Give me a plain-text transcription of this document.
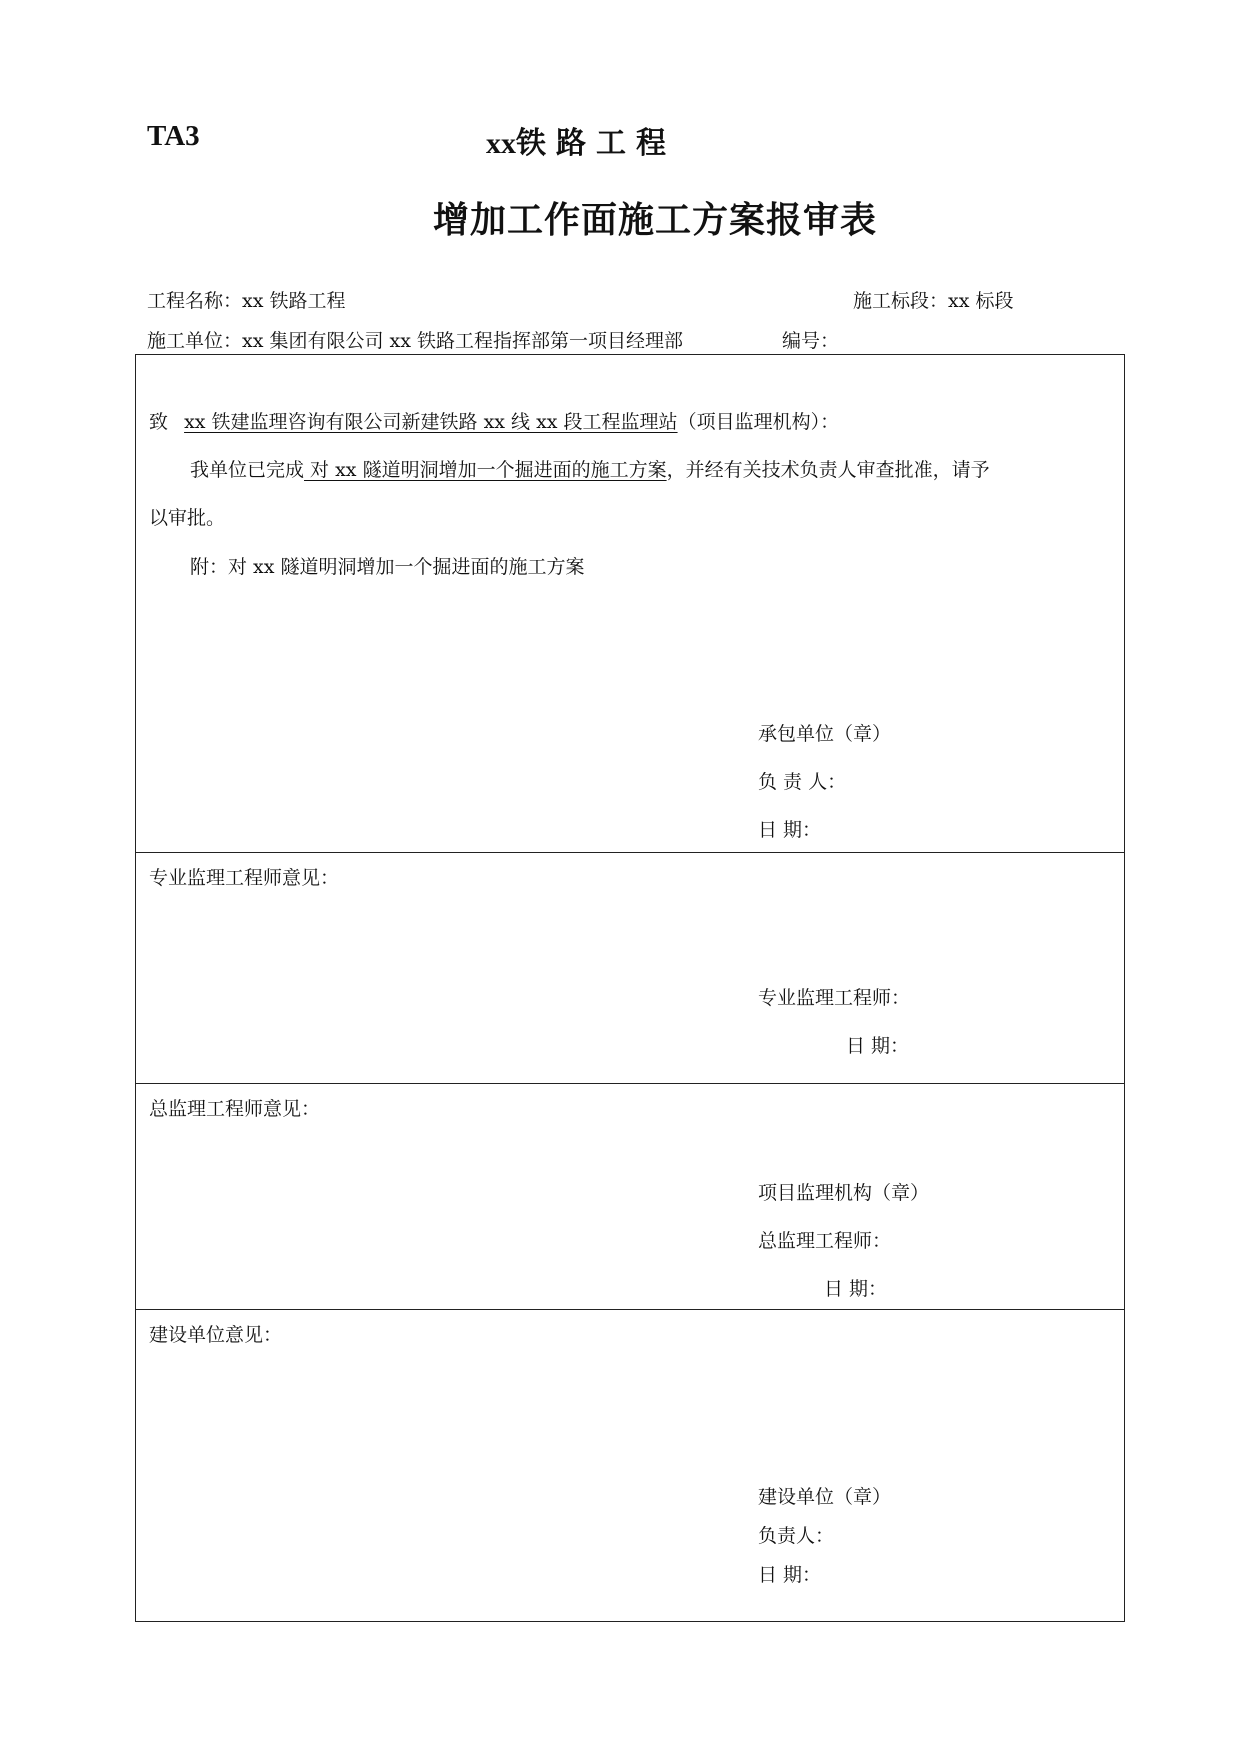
TA3	xx铁路工程
增加工作面施工方案报审表
工程名称：xx 铁路工程	施工标段：xx 标段
施工单位：xx 集团有限公司 xx 铁路工程指挥部第一项目经理部	编号：
致 xx 铁建监理咨询有限公司新建铁路 xx 线 xx 段工程监理站（项目监理机构）：
我单位已完成 对 xx 隧道明洞增加一个掘进面的施工方案，并经有关技术负责人审查批准，请予
以审批。
附：对 xx 隧道明洞增加一个掘进面的施工方案
承包单位（章）
负 责 人：
日 期：
专业监理工程师意见：
专业监理工程师：
日 期：
总监理工程师意见：
项目监理机构（章）
总监理工程师：
日 期：
建设单位意见：
建设单位（章）
负责人：
日 期：
